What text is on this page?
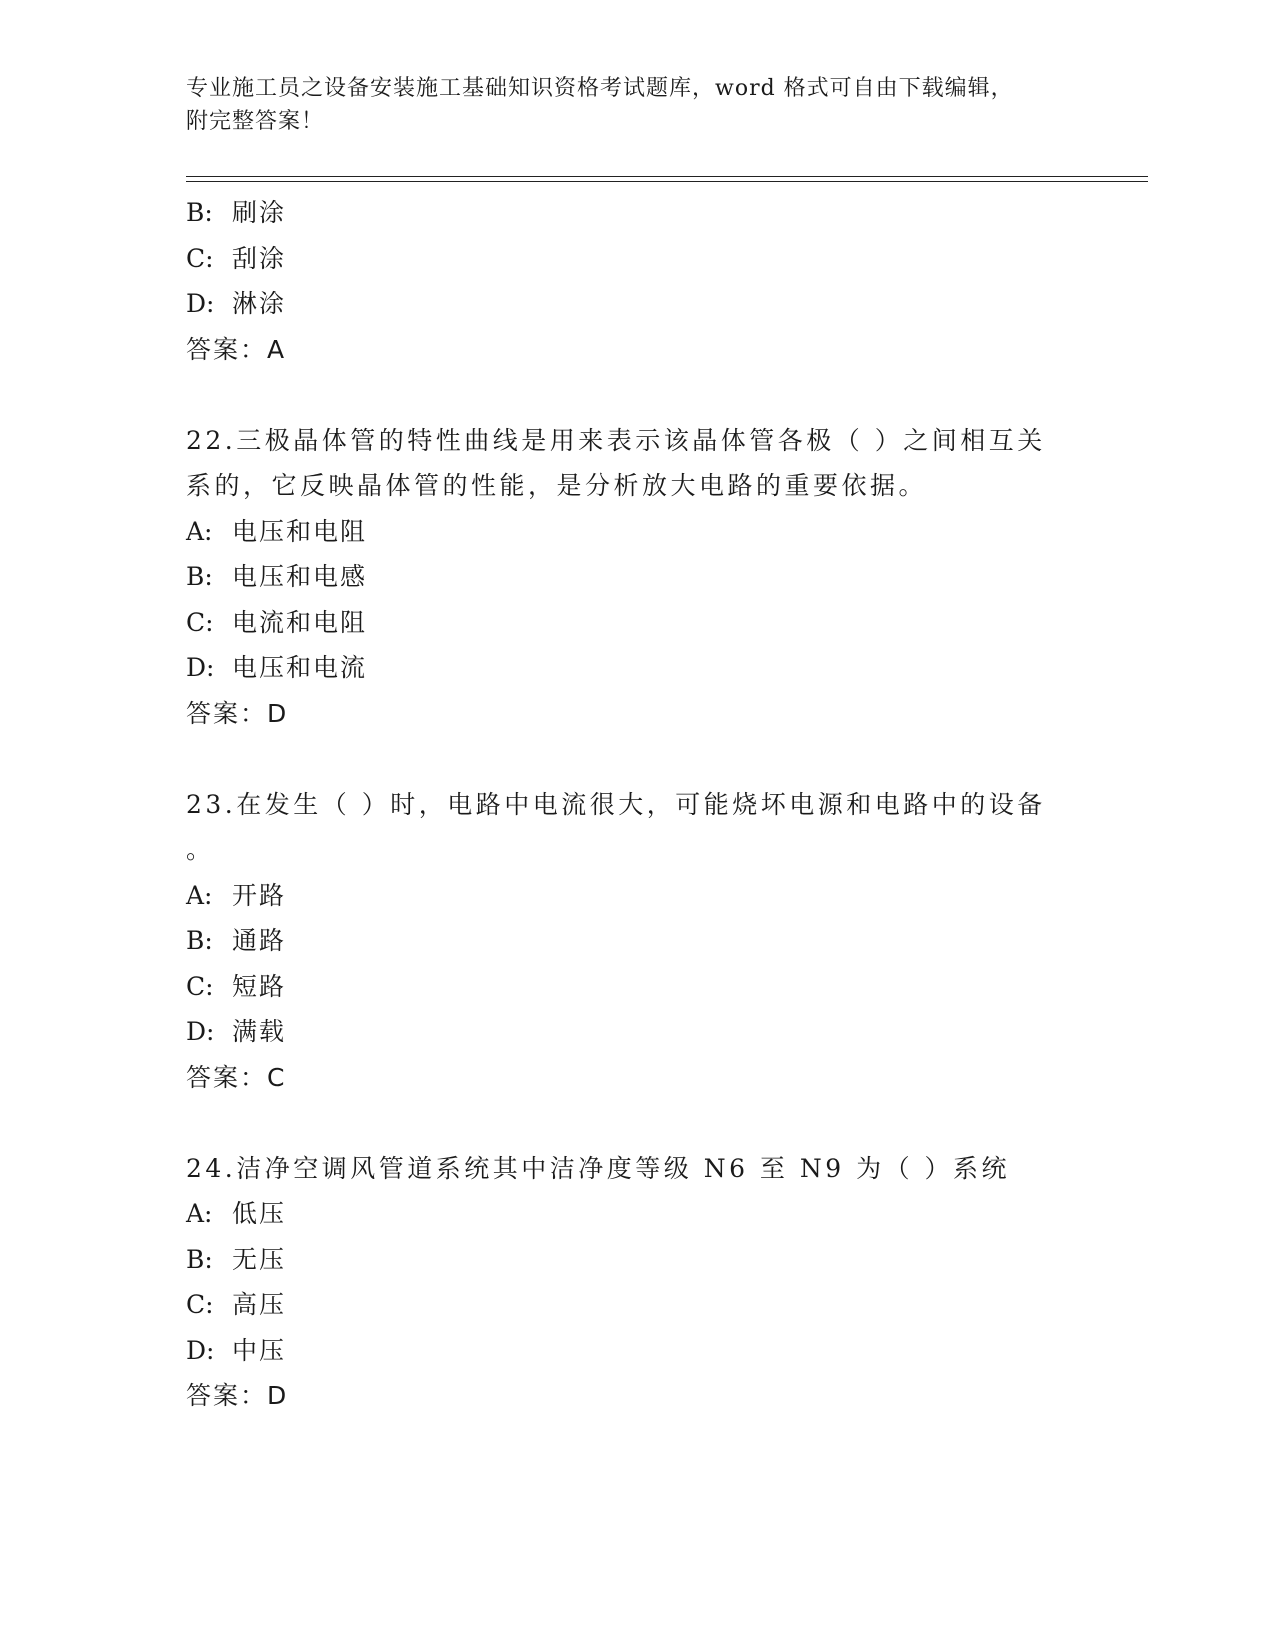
专业施工员之设备安装施工基础知识资格考试题库，word 格式可自由下载编辑，
附完整答案！
B: 刷涂
C: 刮涂
D: 淋涂
答案：A
22.三极晶体管的特性曲线是用来表示该晶体管各极（ ）之间相互关
系的，它反映晶体管的性能，是分析放大电路的重要依据。
A: 电压和电阻
B: 电压和电感
C: 电流和电阻
D: 电压和电流
答案：D
23.在发生（ ）时，电路中电流很大，可能烧坏电源和电路中的设备
。
A: 开路
B: 通路
C: 短路
D: 满载
答案：C
24.洁净空调风管道系统其中洁净度等级 N6 至 N9 为（ ）系统
A: 低压
B: 无压
C: 高压
D: 中压
答案：D
